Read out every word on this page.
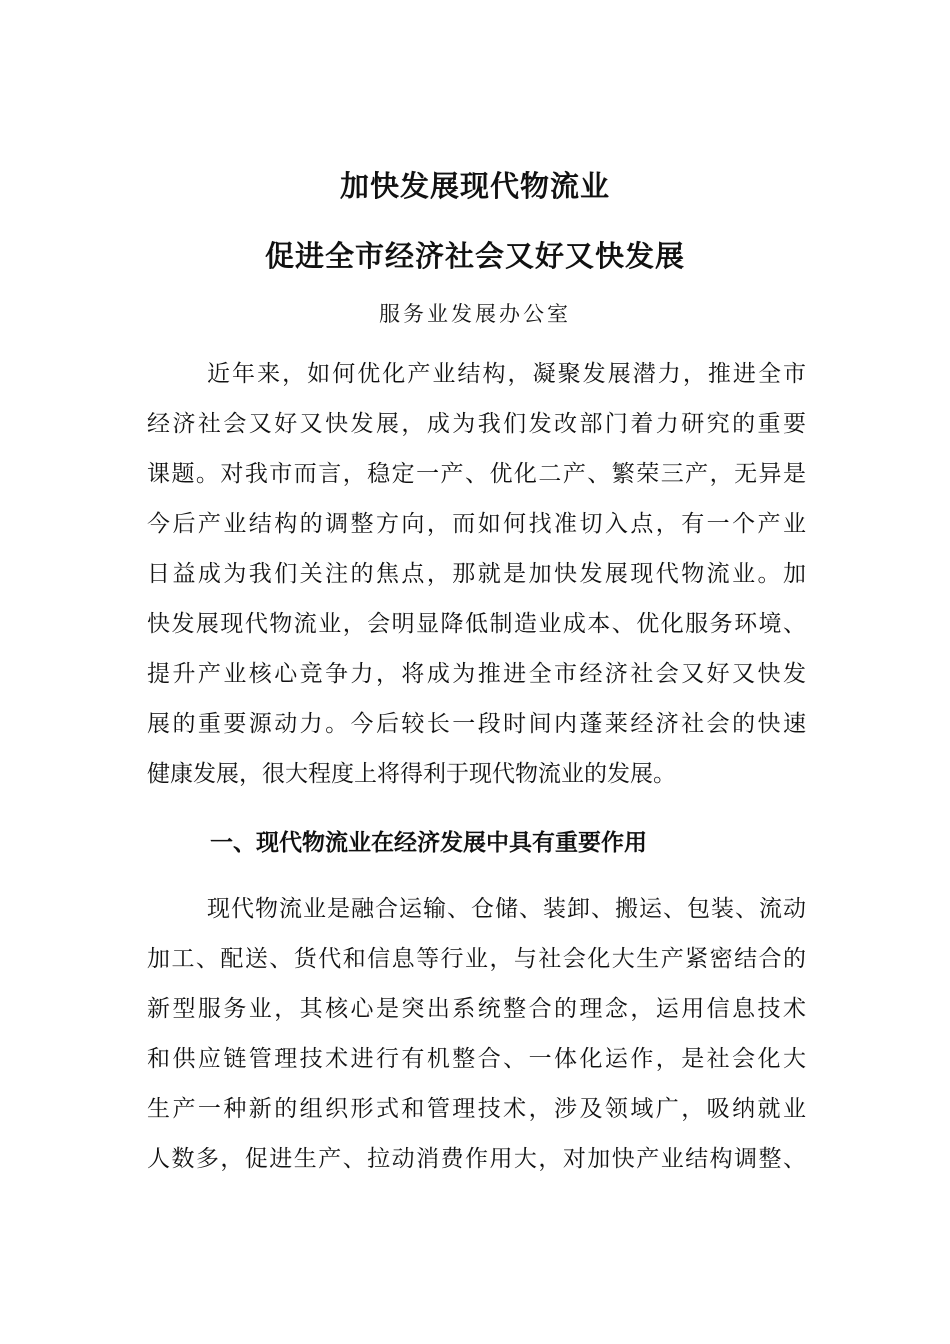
加快发展现代物流业
促进全市经济社会又好又快发展

服务业发展办公室

近年来，如何优化产业结构，凝聚发展潜力，推进全市
经济社会又好又快发展，成为我们发改部门着力研究的重要
课题。对我市而言，稳定一产、优化二产、繁荣三产，无异是
今后产业结构的调整方向，而如何找准切入点，有一个产业
日益成为我们关注的焦点，那就是加快发展现代物流业。加
快发展现代物流业，会明显降低制造业成本、优化服务环境、
提升产业核心竞争力，将成为推进全市经济社会又好又快发
展的重要源动力。今后较长一段时间内蓬莱经济社会的快速
健康发展，很大程度上将得利于现代物流业的发展。
一、现代物流业在经济发展中具有重要作用
现代物流业是融合运输、仓储、装卸、搬运、包装、流动
加工、配送、货代和信息等行业，与社会化大生产紧密结合的
新型服务业，其核心是突出系统整合的理念，运用信息技术
和供应链管理技术进行有机整合、一体化运作，是社会化大
生产一种新的组织形式和管理技术，涉及领域广，吸纳就业
人数多，促进生产、拉动消费作用大，对加快产业结构调整、
